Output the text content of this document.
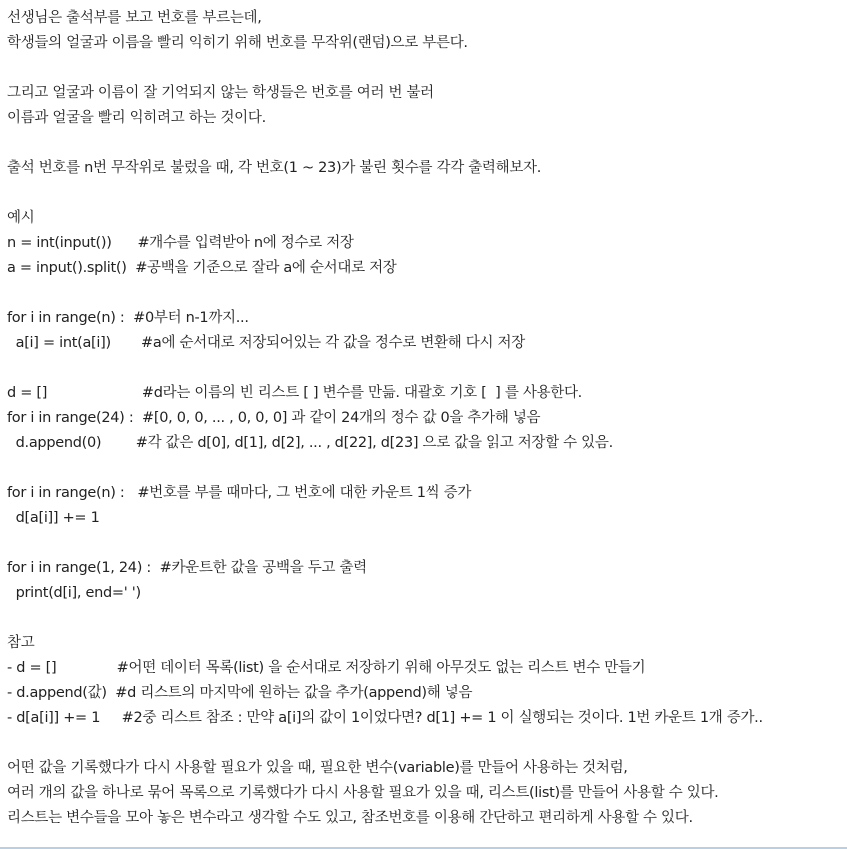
선생님은 출석부를 보고 번호를 부르는데,
학생들의 얼굴과 이름을 빨리 익히기 위해 번호를 무작위(랜덤)으로 부른다.
그리고 얼굴과 이름이 잘 기억되지 않는 학생들은 번호를 여러 번 불러
이름과 얼굴을 빨리 익히려고 하는 것이다.
출석 번호를 n번 무작위로 불렀을 때, 각 번호(1 ~ 23)가 불린 횟수를 각각 출력해보자.
예시
n = int(input())      #개수를 입력받아 n에 정수로 저장
a = input().split()  #공백을 기준으로 잘라 a에 순서대로 저장
for i in range(n) :  #0부터 n-1까지...
a[i] = int(a[i])       #a에 순서대로 저장되어있는 각 값을 정수로 변환해 다시 저장
d = []                      #d라는 이름의 빈 리스트 [ ] 변수를 만듦. 대괄호 기호 [  ] 를 사용한다.
for i in range(24) :  #[0, 0, 0, ... , 0, 0, 0] 과 같이 24개의 정수 값 0을 추가해 넣음
d.append(0)        #각 값은 d[0], d[1], d[2], ... , d[22], d[23] 으로 값을 읽고 저장할 수 있음.
for i in range(n) :   #번호를 부를 때마다, 그 번호에 대한 카운트 1씩 증가
d[a[i]] += 1
for i in range(1, 24) :  #카운트한 값을 공백을 두고 출력
print(d[i], end=' ')
참고
- d = []              #어떤 데이터 목록(list) 을 순서대로 저장하기 위해 아무것도 없는 리스트 변수 만들기
- d.append(값)  #d 리스트의 마지막에 원하는 값을 추가(append)해 넣음
- d[a[i]] += 1     #2중 리스트 참조 : 만약 a[i]의 값이 1이었다면? d[1] += 1 이 실행되는 것이다. 1번 카운트 1개 증가..
어떤 값을 기록했다가 다시 사용할 필요가 있을 때, 필요한 변수(variable)를 만들어 사용하는 것처럼,
여러 개의 값을 하나로 묶어 목록으로 기록했다가 다시 사용할 필요가 있을 때, 리스트(list)를 만들어 사용할 수 있다.
리스트는 변수들을 모아 놓은 변수라고 생각할 수도 있고, 참조번호를 이용해 간단하고 편리하게 사용할 수 있다.
